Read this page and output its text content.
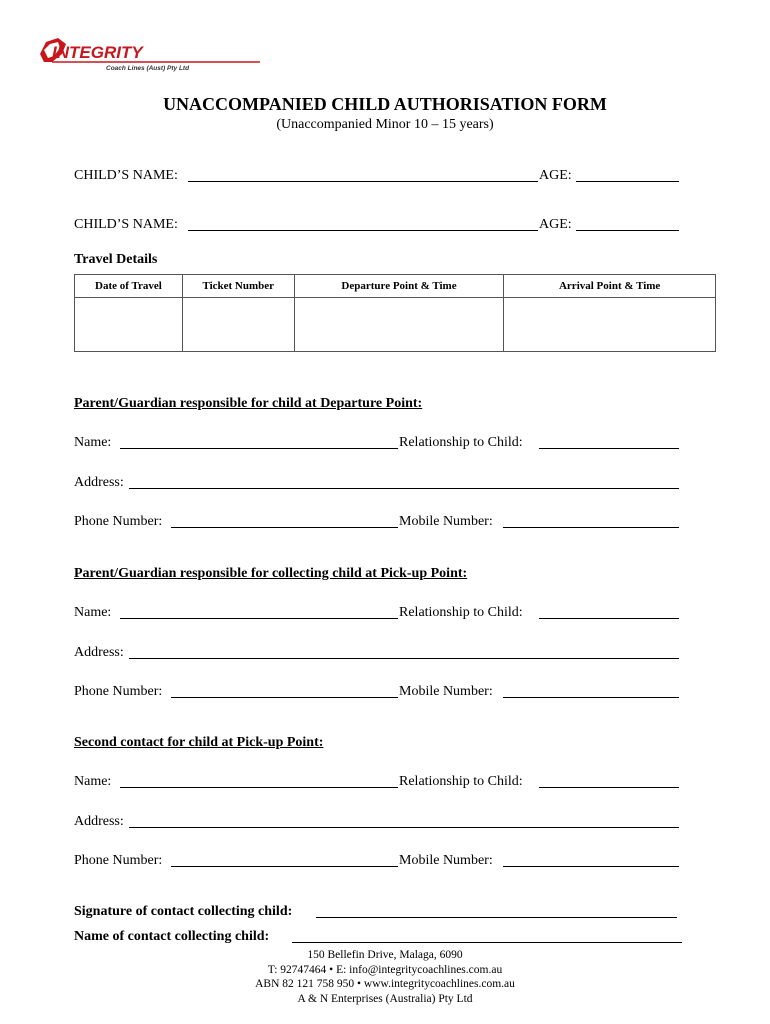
INTEGRITY
Coach Lines (Aust) Pty Ltd
UNACCOMPANIED CHILD AUTHORISATION FORM
(Unaccompanied Minor 10 – 15 years)
CHILD’S NAME:	AGE:
CHILD’S NAME:	AGE:
Travel Details
Date of Travel	Ticket Number	Departure Point & Time	Arrival Point & Time

Parent/Guardian responsible for child at Departure Point:
Name:	Relationship to Child:
Address:
Phone Number:	Mobile Number:
Parent/Guardian responsible for collecting child at Pick-up Point:
Name:	Relationship to Child:
Address:
Phone Number:	Mobile Number:
Second contact for child at Pick-up Point:
Name:	Relationship to Child:
Address:
Phone Number:	Mobile Number:
Signature of contact collecting child:
Name of contact collecting child:
150 Bellefin Drive, Malaga, 6090
T: 92747464 • E: info@integritycoachlines.com.au
ABN 82 121 758 950 • www.integritycoachlines.com.au
A & N Enterprises (Australia) Pty Ltd
